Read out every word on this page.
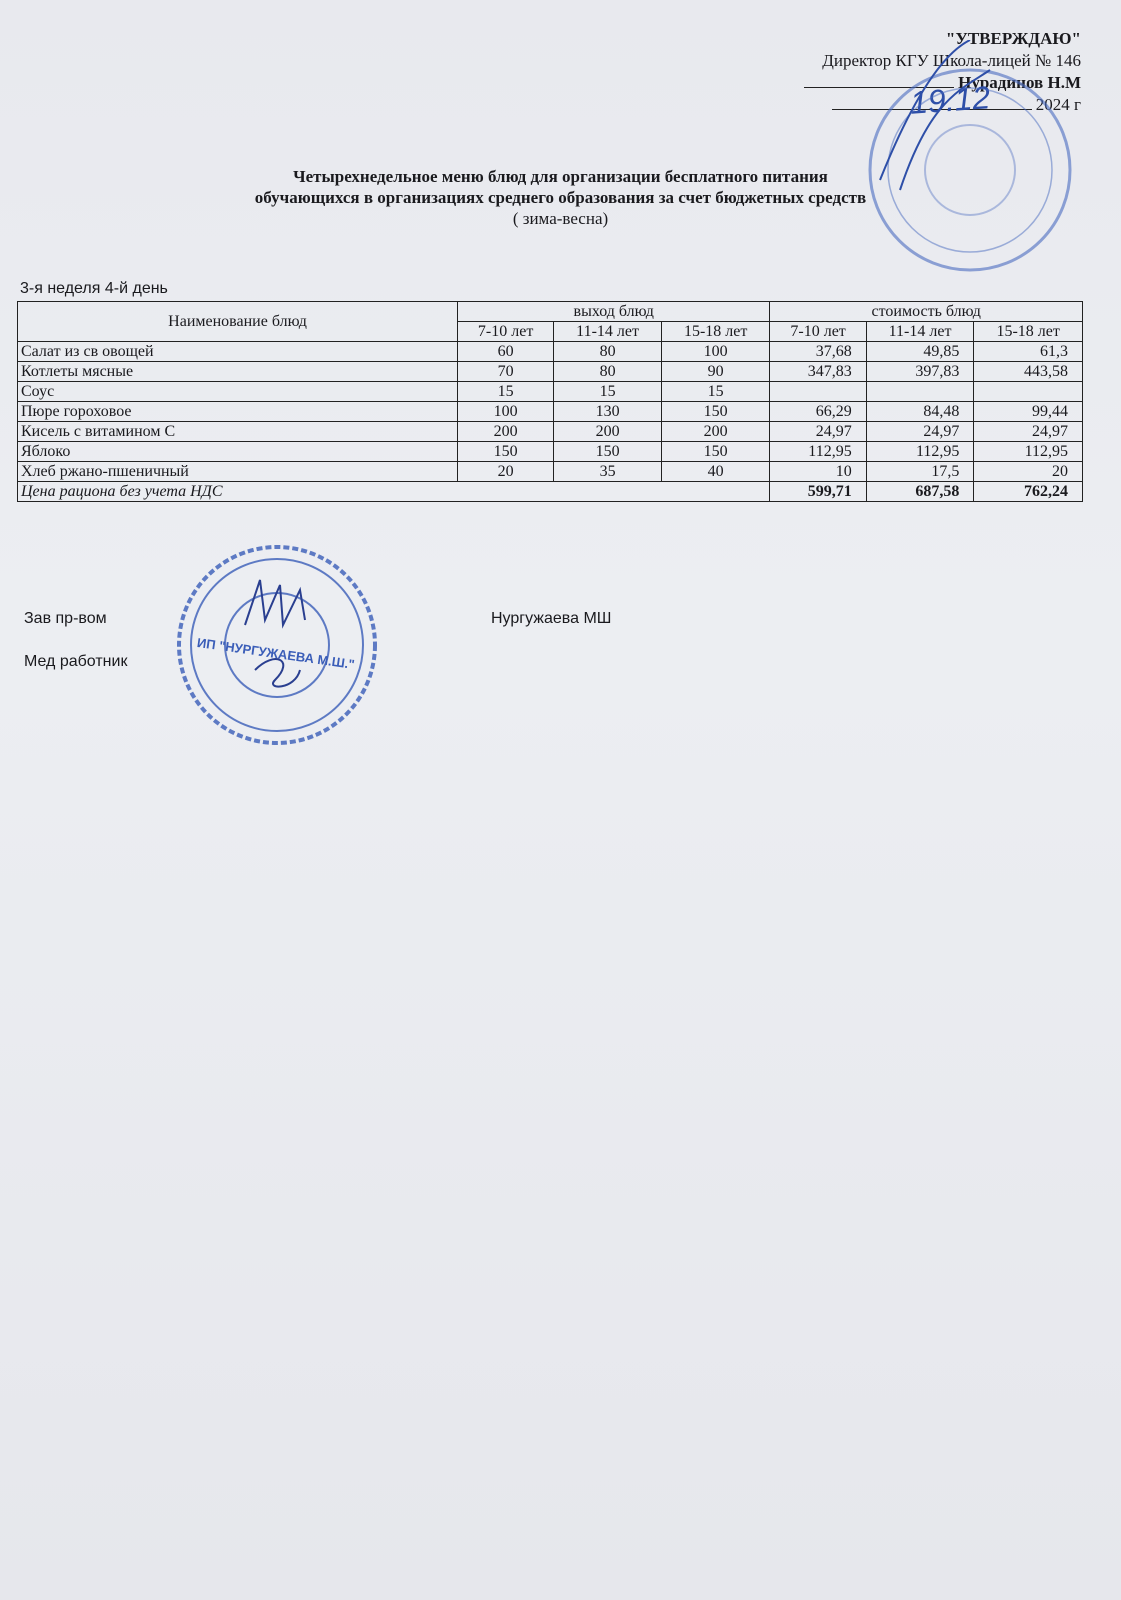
"УТВЕРЖДАЮ"
Директор КГУ Школа-лицей № 146
Нурадинов Н.М
2024 г
19.12
Четырехнедельное меню блюд для организации бесплатного питания
обучающихся в организациях среднего образования за счет бюджетных средств
( зима-весна)
3-я неделя 4-й день
Наименование блюд	выход блюд			стоимость блюд		
	7-10 лет	11-14 лет	15-18 лет	7-10 лет	11-14 лет	15-18 лет
Салат из св овощей	60	80	100	37,68	49,85	61,3
Котлеты мясные	70	80	90	347,83	397,83	443,58
Соус	15	15	15			
Пюре гороховое	100	130	150	66,29	84,48	99,44
Кисель с витамином С	200	200	200	24,97	24,97	24,97
Яблоко	150	150	150	112,95	112,95	112,95
Хлеб ржано-пшеничный	20	35	40	10	17,5	20
Цена рациона без учета НДС				599,71	687,58	762,24
Зав пр-вом	Нургужаева МШ
Мед работник	ИП "НУРГУЖАЕВА М.Ш."
